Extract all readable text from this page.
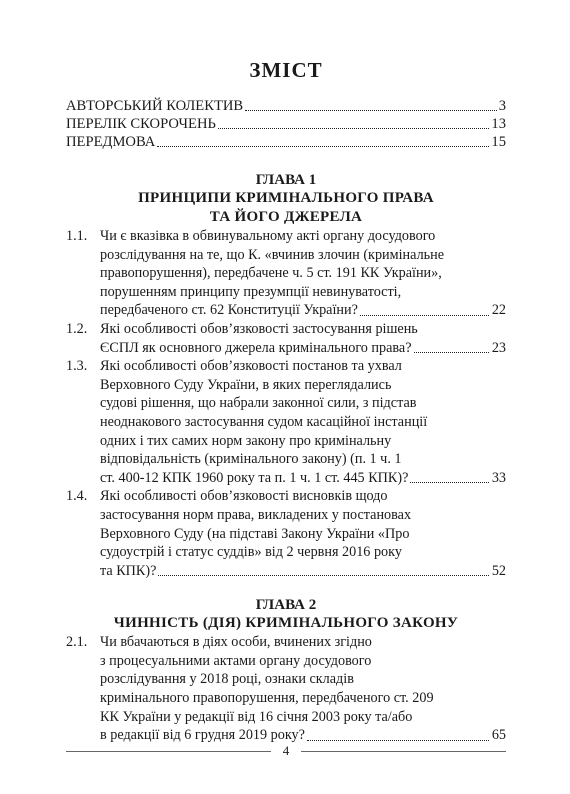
ЗМІСТ
АВТОРСЬКИЙ КОЛЕКТИВ	3
ПЕРЕЛІК СКОРОЧЕНЬ	13
ПЕРЕДМОВА	15
ГЛАВА 1
ПРИНЦИПИ КРИМІНАЛЬНОГО ПРАВА
ТА ЙОГО ДЖЕРЕЛА
1.1. Чи є вказівка в обвинувальному акті органу досудового
розслідування на те, що К. «вчинив злочин (кримінальне
правопорушення), передбачене ч. 5 ст. 191 КК України»,
порушенням принципу презумпції невинуватості,
передбаченого ст. 62 Конституції України?	22
1.2. Які особливості обов’язковості застосування рішень
ЄСПЛ як основного джерела кримінального права?	23
1.3. Які особливості обов’язковості постанов та ухвал
Верховного Суду України, в яких переглядались
судові рішення, що набрали законної сили, з підстав
неоднакового застосування судом касаційної інстанції
одних і тих самих норм закону про кримінальну
відповідальність (кримінального закону) (п. 1 ч. 1
ст. 400-12 КПК 1960 року та п. 1 ч. 1 ст. 445 КПК)?	33
1.4. Які особливості обов’язковості висновків щодо
застосування норм права, викладених у постановах
Верховного Суду (на підставі Закону України «Про
судоустрій і статус суддів» від 2 червня 2016 року
та КПК)?	52
ГЛАВА 2
ЧИННІСТЬ (ДІЯ) КРИМІНАЛЬНОГО ЗАКОНУ
2.1. Чи вбачаються в діях особи, вчинених згідно
з процесуальними актами органу досудового
розслідування у 2018 році, ознаки складів
кримінального правопорушення, передбаченого ст. 209
КК України у редакції від 16 січня 2003 року та/або
в редакції від 6 грудня 2019 року?	65
4
